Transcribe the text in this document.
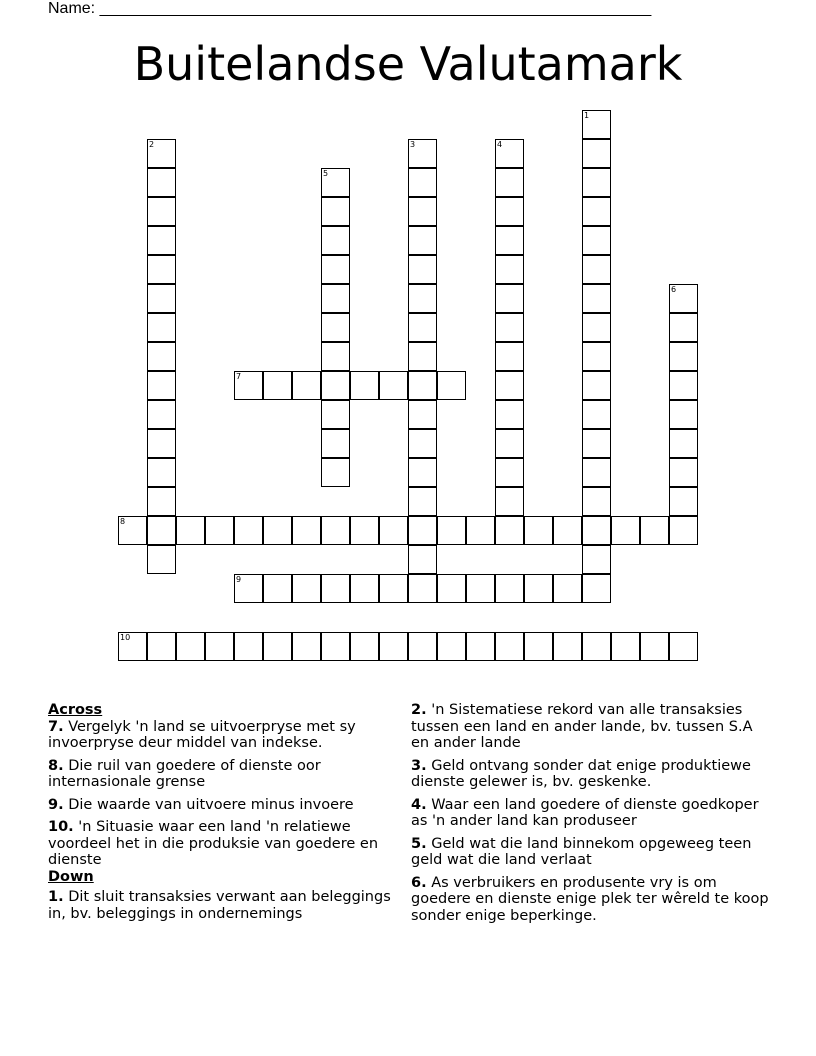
Name: ______________________________________________________________
Buitelandse Valutamark
1
2	3	4
5
6
7
8
9
10

Across

7. Vergelyk 'n land se uitvoerpryse met sy invoerpryse deur middel van indekse.

8. Die ruil van goedere of dienste oor internasionale grense

9. Die waarde van uitvoere minus invoere

10. 'n Situasie waar een land 'n relatiewe voordeel het in die produksie van goedere en dienste

Down

1. Dit sluit transaksies verwant aan beleggings in, bv. beleggings in ondernemings

2. 'n Sistematiese rekord van alle transaksies tussen een land en ander lande, bv. tussen S.A en ander lande

3. Geld ontvang sonder dat enige produktiewe dienste gelewer is, bv. geskenke.

4. Waar een land goedere of dienste goedkoper as 'n ander land kan produseer

5. Geld wat die land binnekom opgeweeg teen geld wat die land verlaat

6. As verbruikers en produsente vry is om goedere en dienste enige plek ter wêreld te koop sonder enige beperkinge.
